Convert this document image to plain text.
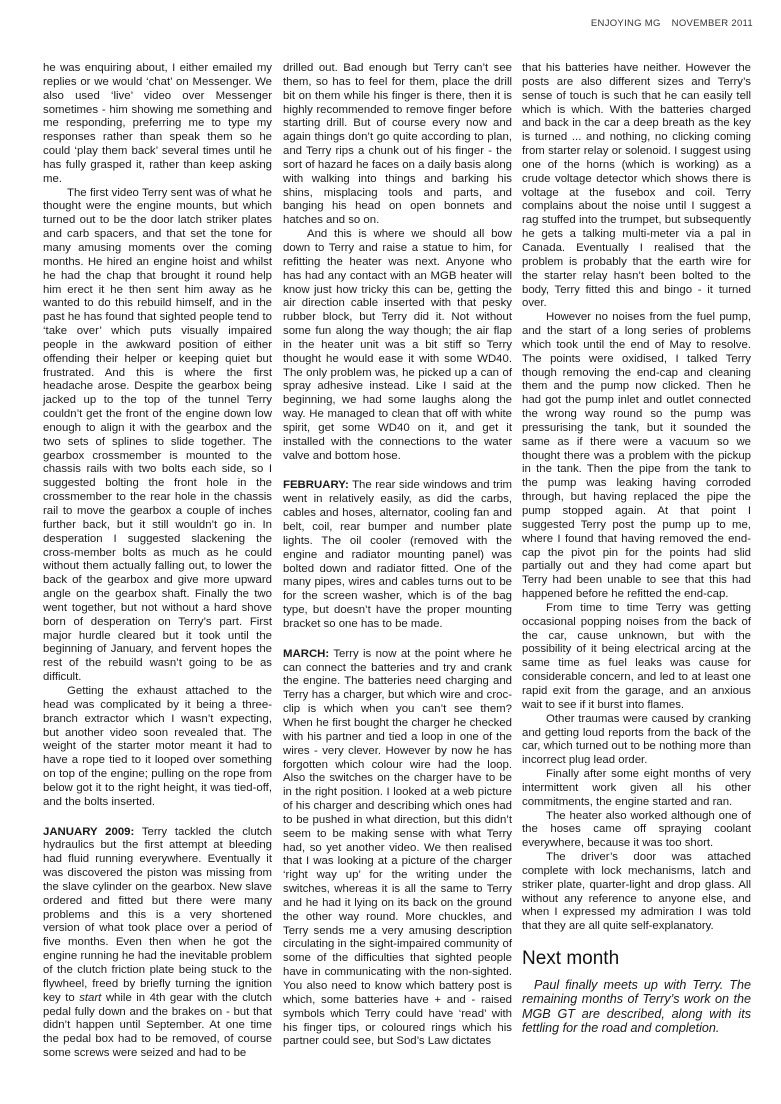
ENJOYING MG NOVEMBER 2011

he was enquiring about, I either emailed my replies or we would ‘chat’ on Messenger. We also used ‘live’ video over Messenger sometimes - him showing me something and me responding, preferring me to type my responses rather than speak them so he could ‘play them back’ several times until he has fully grasped it, rather than keep asking me.

The first video Terry sent was of what he thought were the engine mounts, but which turned out to be the door latch striker plates and carb spacers, and that set the tone for many amusing moments over the coming months. He hired an engine hoist and whilst he had the chap that brought it round help him erect it he then sent him away as he wanted to do this rebuild himself, and in the past he has found that sighted people tend to ‘take over’ which puts visually impaired people in the awkward position of either offending their helper or keeping quiet but frustrated. And this is where the first headache arose. Despite the gearbox being jacked up to the top of the tunnel Terry couldn’t get the front of the engine down low enough to align it with the gearbox and the two sets of splines to slide together. The gearbox crossmember is mounted to the chassis rails with two bolts each side, so I suggested bolting the front hole in the crossmember to the rear hole in the chassis rail to move the gearbox a couple of inches further back, but it still wouldn’t go in. In desperation I suggested slackening the cross-member bolts as much as he could without them actually falling out, to lower the back of the gearbox and give more upward angle on the gearbox shaft. Finally the two went together, but not without a hard shove born of desperation on Terry’s part. First major hurdle cleared but it took until the beginning of January, and fervent hopes the rest of the rebuild wasn’t going to be as difficult.

Getting the exhaust attached to the head was complicated by it being a three-branch extractor which I wasn’t expecting, but another video soon revealed that. The weight of the starter motor meant it had to have a rope tied to it looped over something on top of the engine; pulling on the rope from below got it to the right height, it was tied-off, and the bolts inserted.

JANUARY 2009: Terry tackled the clutch hydraulics but the first attempt at bleeding had fluid running everywhere. Eventually it was discovered the piston was missing from the slave cylinder on the gearbox. New slave ordered and fitted but there were many problems and this is a very shortened version of what took place over a period of five months. Even then when he got the engine running he had the inevitable problem of the clutch friction plate being stuck to the flywheel, freed by briefly turning the ignition key to start while in 4th gear with the clutch pedal fully down and the brakes on - but that didn’t happen until September. At one time the pedal box had to be removed, of course some screws were seized and had to be

drilled out. Bad enough but Terry can’t see them, so has to feel for them, place the drill bit on them while his finger is there, then it is highly recommended to remove finger before starting drill. But of course every now and again things don’t go quite according to plan, and Terry rips a chunk out of his finger - the sort of hazard he faces on a daily basis along with walking into things and barking his shins, misplacing tools and parts, and banging his head on open bonnets and hatches and so on.

And this is where we should all bow down to Terry and raise a statue to him, for refitting the heater was next. Anyone who has had any contact with an MGB heater will know just how tricky this can be, getting the air direction cable inserted with that pesky rubber block, but Terry did it. Not without some fun along the way though; the air flap in the heater unit was a bit stiff so Terry thought he would ease it with some WD40. The only problem was, he picked up a can of spray adhesive instead. Like I said at the beginning, we had some laughs along the way. He managed to clean that off with white spirit, get some WD40 on it, and get it installed with the connections to the water valve and bottom hose.

FEBRUARY: The rear side windows and trim went in relatively easily, as did the carbs, cables and hoses, alternator, cooling fan and belt, coil, rear bumper and number plate lights. The oil cooler (removed with the engine and radiator mounting panel) was bolted down and radiator fitted. One of the many pipes, wires and cables turns out to be for the screen washer, which is of the bag type, but doesn’t have the proper mounting bracket so one has to be made.

MARCH: Terry is now at the point where he can connect the batteries and try and crank the engine. The batteries need charging and Terry has a charger, but which wire and croc-clip is which when you can’t see them? When he first bought the charger he checked with his partner and tied a loop in one of the wires - very clever. However by now he has forgotten which colour wire had the loop. Also the switches on the charger have to be in the right position. I looked at a web picture of his charger and describing which ones had to be pushed in what direction, but this didn’t seem to be making sense with what Terry had, so yet another video. We then realised that I was looking at a picture of the charger ‘right way up’ for the writing under the switches, whereas it is all the same to Terry and he had it lying on its back on the ground the other way round. More chuckles, and Terry sends me a very amusing description circulating in the sight-impaired community of some of the difficulties that sighted people have in communicating with the non-sighted. You also need to know which battery post is which, some batteries have + and - raised symbols which Terry could have ‘read’ with his finger tips, or coloured rings which his partner could see, but Sod’s Law dictates

that his batteries have neither. However the posts are also different sizes and Terry’s sense of touch is such that he can easily tell which is which. With the batteries charged and back in the car a deep breath as the key is turned ... and nothing, no clicking coming from starter relay or solenoid. I suggest using one of the horns (which is working) as a crude voltage detector which shows there is voltage at the fusebox and coil. Terry complains about the noise until I suggest a rag stuffed into the trumpet, but subsequently he gets a talking multi-meter via a pal in Canada. Eventually I realised that the problem is probably that the earth wire for the starter relay hasn’t been bolted to the body, Terry fitted this and bingo - it turned over.

However no noises from the fuel pump, and the start of a long series of problems which took until the end of May to resolve. The points were oxidised, I talked Terry though removing the end-cap and cleaning them and the pump now clicked. Then he had got the pump inlet and outlet connected the wrong way round so the pump was pressurising the tank, but it sounded the same as if there were a vacuum so we thought there was a problem with the pickup in the tank. Then the pipe from the tank to the pump was leaking having corroded through, but having replaced the pipe the pump stopped again. At that point I suggested Terry post the pump up to me, where I found that having removed the end-cap the pivot pin for the points had slid partially out and they had come apart but Terry had been unable to see that this had happened before he refitted the end-cap.

From time to time Terry was getting occasional popping noises from the back of the car, cause unknown, but with the possibility of it being electrical arcing at the same time as fuel leaks was cause for considerable concern, and led to at least one rapid exit from the garage, and an anxious wait to see if it burst into flames.

Other traumas were caused by cranking and getting loud reports from the back of the car, which turned out to be nothing more than incorrect plug lead order.

Finally after some eight months of very intermittent work given all his other commitments, the engine started and ran.

The heater also worked although one of the hoses came off spraying coolant everywhere, because it was too short.

The driver’s door was attached complete with lock mechanisms, latch and striker plate, quarter-light and drop glass. All without any reference to anyone else, and when I expressed my admiration I was told that they are all quite self-explanatory.

Next month
Paul finally meets up with Terry. The remaining months of Terry’s work on the MGB GT are described, along with its fettling for the road and completion.
